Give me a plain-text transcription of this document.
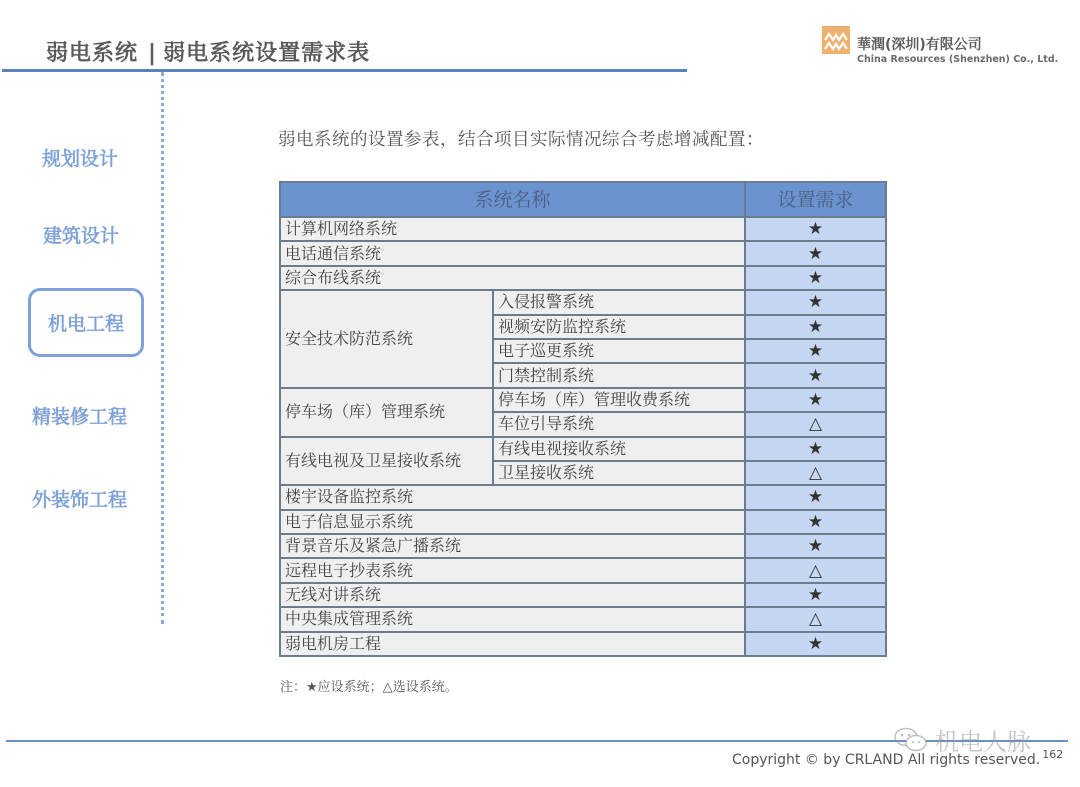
弱电系统 | 弱电系统设置需求表	華潤(深圳)有限公司
China Resources (Shenzhen) Co., Ltd.
规划设计
建筑设计
机电工程
精装修工程
外装饰工程
弱电系统的设置参表，结合项目实际情况综合考虑增减配置：
系统名称		设置需求
计算机网络系统		★
电话通信系统		★
综合布线系统		★
安全技术防范系统	入侵报警系统	★
	视频安防监控系统	★
	电子巡更系统	★
	门禁控制系统	★
停车场（库）管理系统	停车场（库）管理收费系统	★
	车位引导系统	△
有线电视及卫星接收系统	有线电视接收系统	★
	卫星接收系统	△
楼宇设备监控系统		★
电子信息显示系统		★
背景音乐及紧急广播系统		★
远程电子抄表系统		△
无线对讲系统		★
中央集成管理系统		△
弱电机房工程		★
注：★应设系统；△选设系统。
机电人脉
Copyright © by CRLAND All rights reserved. $^{162}$
